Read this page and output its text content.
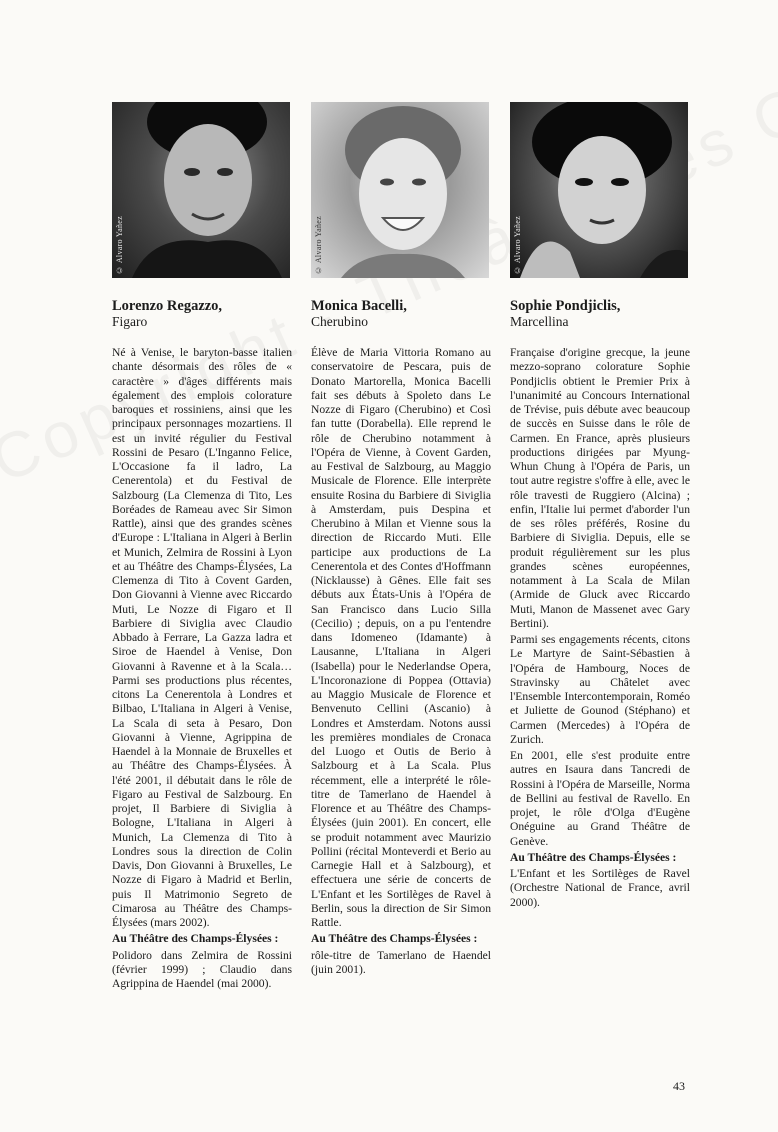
© Alvaro Yañez
Lorenzo Regazzo,
Figaro

Né à Venise, le baryton-basse italien chante désormais des rôles de « caractère » d'âges différents mais également des emplois colorature baroques et rossiniens, ainsi que les principaux personnages mozartiens. Il est un invité régulier du Festival Rossini de Pesaro (L'Inganno Felice, L'Occasione fa il ladro, La Cenerentola) et du Festival de Salzbourg (La Clemenza di Tito, Les Boréades de Rameau avec Sir Simon Rattle), ainsi que des grandes scènes d'Europe : L'Italiana in Algeri à Berlin et Munich, Zelmira de Rossini à Lyon et au Théâtre des Champs-Élysées, La Clemenza di Tito à Covent Garden, Don Giovanni à Vienne avec Riccardo Muti, Le Nozze di Figaro et Il Barbiere di Siviglia avec Claudio Abbado à Ferrare, La Gazza ladra et Siroe de Haendel à Venise, Don Giovanni à Ravenne et à la Scala… Parmi ses productions plus récentes, citons La Cenerentola à Londres et Bilbao, L'Italiana in Algeri à Venise, La Scala di seta à Pesaro, Don Giovanni à Vienne, Agrippina de Haendel à la Monnaie de Bruxelles et au Théâtre des Champs-Élysées. À l'été 2001, il débutait dans le rôle de Figaro au Festival de Salzbourg. En projet, Il Barbiere di Siviglia à Bologne, L'Italiana in Algeri à Munich, La Clemenza di Tito à Londres sous la direction de Colin Davis, Don Giovanni à Bruxelles, Le Nozze di Figaro à Madrid et Berlin, puis Il Matrimonio Segreto de Cimarosa au Théâtre des Champs-Élysées (mars 2002).

Au Théâtre des Champs-Élysées :

Polidoro dans Zelmira de Rossini (février 1999) ; Claudio dans Agrippina de Haendel (mai 2000).

© Alvaro Yañez
Monica Bacelli,
Cherubino

Élève de Maria Vittoria Romano au conservatoire de Pescara, puis de Donato Martorella, Monica Bacelli fait ses débuts à Spoleto dans Le Nozze di Figaro (Cherubino) et Così fan tutte (Dorabella). Elle reprend le rôle de Cherubino notamment à l'Opéra de Vienne, à Covent Garden, au Festival de Salzbourg, au Maggio Musicale de Florence. Elle interprète ensuite Rosina du Barbiere di Siviglia à Amsterdam, puis Despina et Cherubino à Milan et Vienne sous la direction de Riccardo Muti. Elle participe aux productions de La Cenerentola et des Contes d'Hoffmann (Nicklausse) à Gênes. Elle fait ses débuts aux États-Unis à l'Opéra de San Francisco dans Lucio Silla (Cecilio) ; depuis, on a pu l'entendre dans Idomeneo (Idamante) à Lausanne, L'Italiana in Algeri (Isabella) pour le Nederlandse Opera, L'Incoronazione di Poppea (Ottavia) au Maggio Musicale de Florence et Benvenuto Cellini (Ascanio) à Londres et Amsterdam. Notons aussi les premières mondiales de Cronaca del Luogo et Outis de Berio à Salzbourg et à La Scala. Plus récemment, elle a interprété le rôle-titre de Tamerlano de Haendel à Florence et au Théâtre des Champs-Élysées (juin 2001). En concert, elle se produit notamment avec Maurizio Pollini (récital Monteverdi et Berio au Carnegie Hall et à Salzbourg), et effectuera une série de concerts de L'Enfant et les Sortilèges de Ravel à Berlin, sous la direction de Sir Simon Rattle.

Au Théâtre des Champs-Élysées :

rôle-titre de Tamerlano de Haendel (juin 2001).

© Alvaro Yañez
Sophie Pondjiclis,
Marcellina

Française d'origine grecque, la jeune mezzo-soprano colorature Sophie Pondjiclis obtient le Premier Prix à l'unanimité au Concours International de Trévise, puis débute avec beaucoup de succès en Suisse dans le rôle de Carmen. En France, après plusieurs productions dirigées par Myung-Whun Chung à l'Opéra de Paris, un tout autre registre s'offre à elle, avec le rôle travesti de Ruggiero (Alcina) ; enfin, l'Italie lui permet d'aborder l'un de ses rôles préférés, Rosine du Barbiere di Siviglia. Depuis, elle se produit régulièrement sur les plus grandes scènes européennes, notamment à La Scala de Milan (Armide de Gluck avec Riccardo Muti, Manon de Massenet avec Gary Bertini).

Parmi ses engagements récents, citons Le Martyre de Saint-Sébastien à l'Opéra de Hambourg, Noces de Stravinsky au Châtelet avec l'Ensemble Intercontemporain, Roméo et Juliette de Gounod (Stéphano) et Carmen (Mercedes) à l'Opéra de Zurich.

En 2001, elle s'est produite entre autres en Isaura dans Tancredi de Rossini à l'Opéra de Marseille, Norma de Bellini au festival de Ravello. En projet, le rôle d'Olga d'Eugène Onéguine au Grand Théâtre de Genève.

Au Théâtre des Champs-Élysées :

L'Enfant et les Sortilèges de Ravel (Orchestre National de France, avril 2000).

43
